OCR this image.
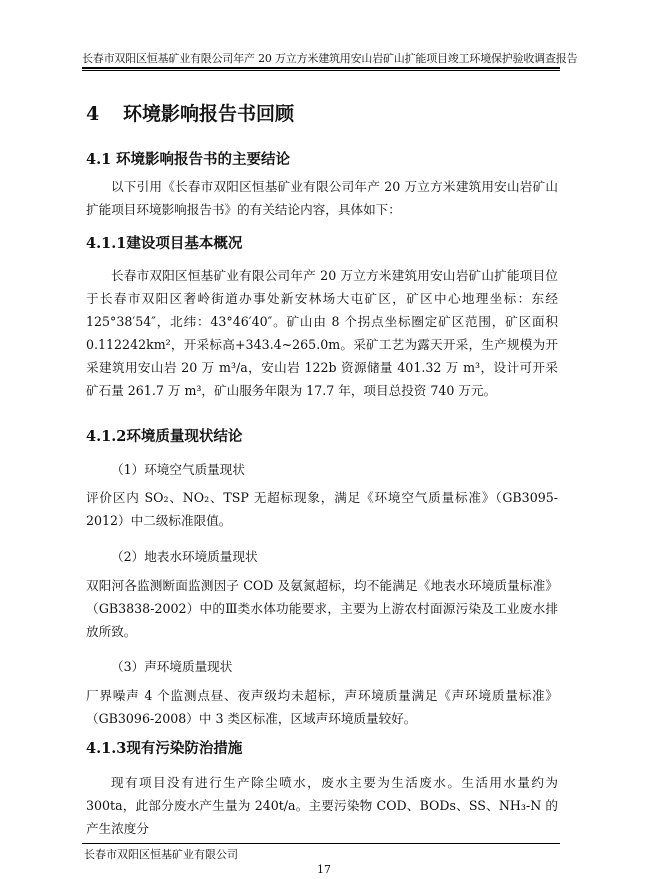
长春市双阳区恒基矿业有限公司年产 20 万立方米建筑用安山岩矿山扩能项目竣工环境保护验收调查报告
4 环境影响报告书回顾
4.1 环境影响报告书的主要结论

以下引用《长春市双阳区恒基矿业有限公司年产 20 万立方米建筑用安山岩矿山扩能项目环境影响报告书》的有关结论内容，具体如下：

4.1.1建设项目基本概况

长春市双阳区恒基矿业有限公司年产 20 万立方米建筑用安山岩矿山扩能项目位于长春市双阳区奢岭街道办事处新安林场大屯矿区，矿区中心地理坐标：东经 125°38′54″，北纬：43°46′40″。矿山由 8 个拐点坐标圈定矿区范围，矿区面积 0.112242km²，开采标高+343.4~265.0m。采矿工艺为露天开采，生产规模为开采建筑用安山岩 20 万 m³/a，安山岩 122b 资源储量 401.32 万 m³，设计可开采矿石量 261.7 万 m³，矿山服务年限为 17.7 年，项目总投资 740 万元。

4.1.2环境质量现状结论
（1）环境空气质量现状

评价区内 SO₂、NO₂、TSP 无超标现象，满足《环境空气质量标准》（GB3095-2012）中二级标准限值。

（2）地表水环境质量现状

双阳河各监测断面监测因子 COD 及氨氮超标，均不能满足《地表水环境质量标准》（GB3838-2002）中的Ⅲ类水体功能要求，主要为上游农村面源污染及工业废水排放所致。

（3）声环境质量现状

厂界噪声 4 个监测点昼、夜声级均未超标，声环境质量满足《声环境质量标准》（GB3096-2008）中 3 类区标准，区域声环境质量较好。

4.1.3现有污染防治措施

现有项目没有进行生产除尘喷水，废水主要为生活废水。生活用水量约为 300ta，此部分废水产生量为 240t/a。主要污染物 COD、BODs、SS、NH₃-N 的产生浓度分

长春市双阳区恒基矿业有限公司
17
